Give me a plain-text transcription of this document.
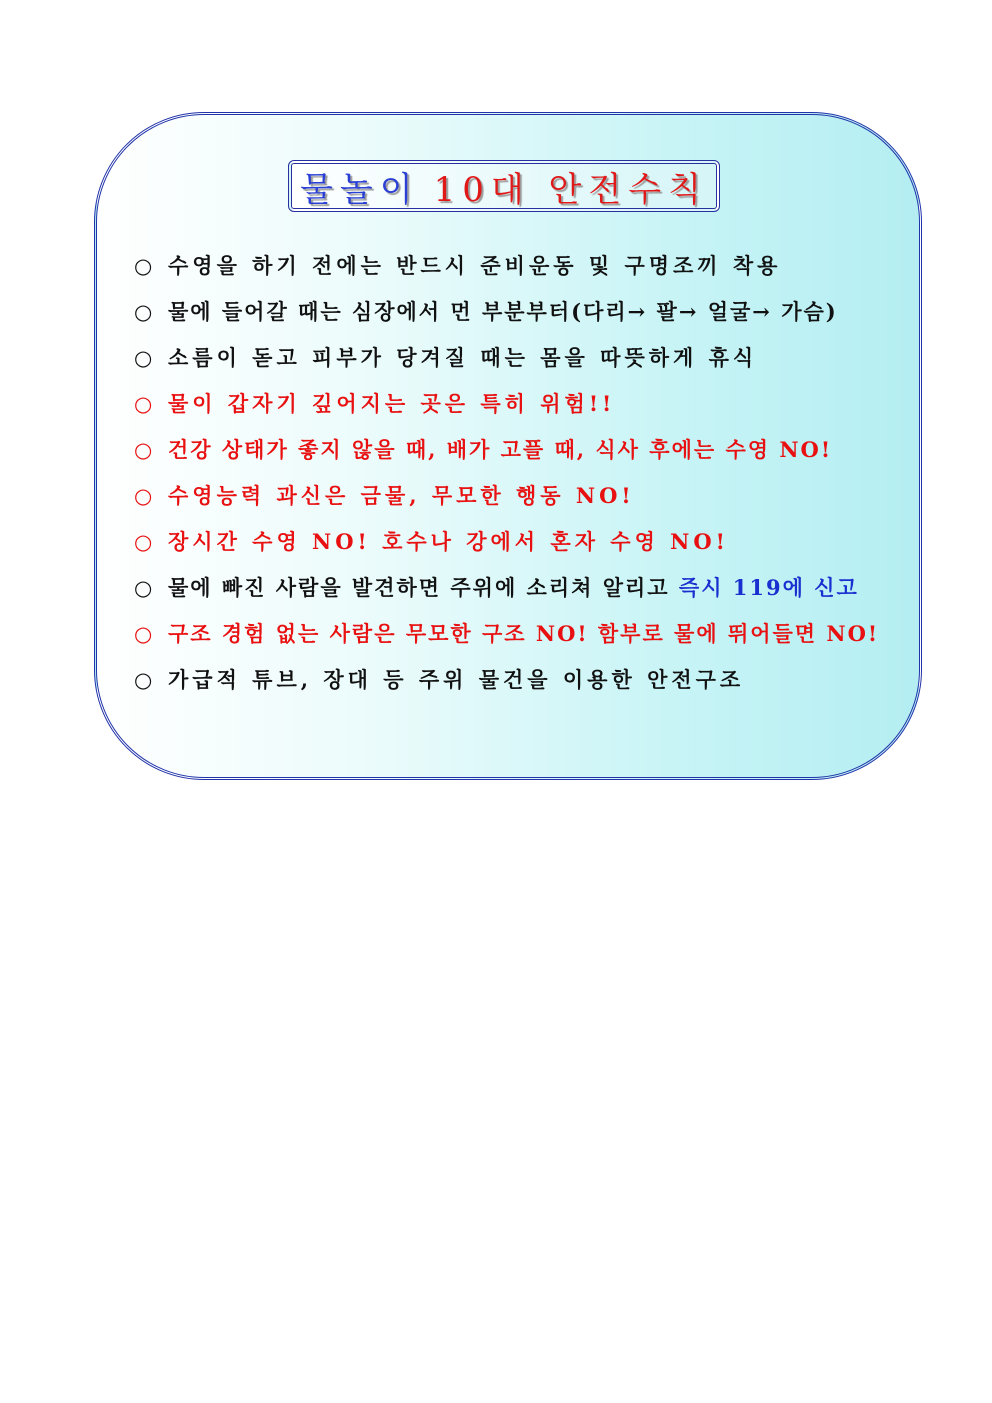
물놀이 10대 안전수칙
○ 수영을 하기 전에는 반드시 준비운동 및 구명조끼 착용
○ 물에 들어갈 때는 심장에서 먼 부분부터(다리→ 팔→ 얼굴→ 가슴)
○ 소름이 돋고 피부가 당겨질 때는 몸을 따뜻하게 휴식
○ 물이 갑자기 깊어지는 곳은 특히 위험!!
○ 건강 상태가 좋지 않을 때, 배가 고플 때, 식사 후에는 수영 NO!
○ 수영능력 과신은 금물, 무모한 행동 NO!
○ 장시간 수영 NO! 호수나 강에서 혼자 수영 NO!
○ 물에 빠진 사람을 발견하면 주위에 소리쳐 알리고 즉시 119에 신고
○ 구조 경험 없는 사람은 무모한 구조 NO! 함부로 물에 뛰어들면 NO!
○ 가급적 튜브, 장대 등 주위 물건을 이용한 안전구조
